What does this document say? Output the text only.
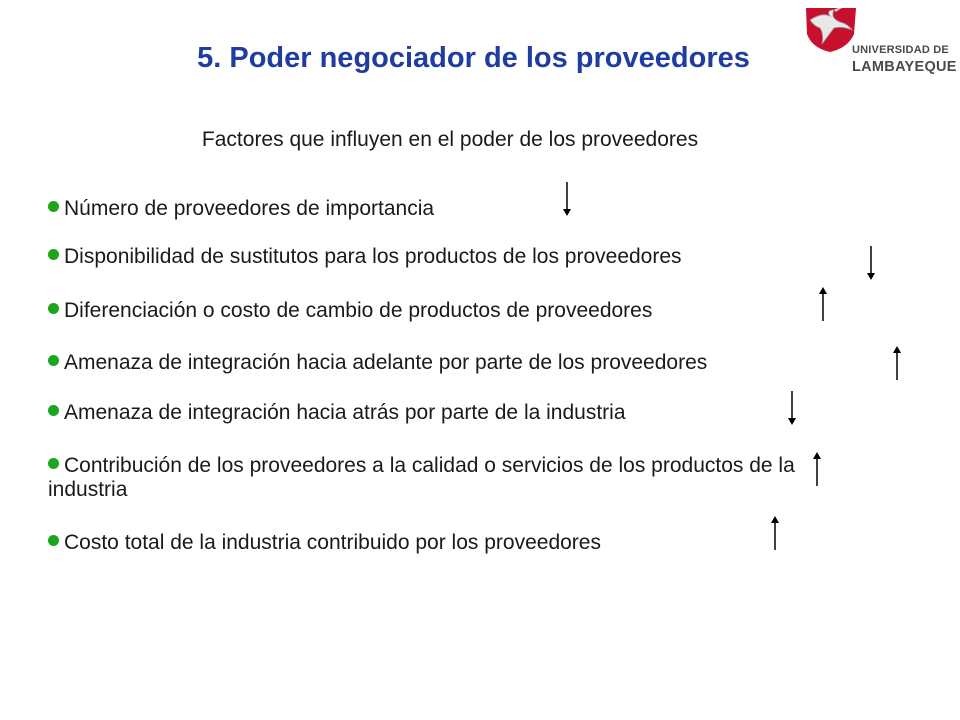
5. Poder negociador de los proveedores	UNIVERSIDAD DE
LAMBAYEQUE

Factores que influyen en el poder de los proveedores

Número de proveedores de importancia

Disponibilidad de sustitutos para los productos de los proveedores

Diferenciación o costo de cambio de productos de proveedores

Amenaza de integración hacia adelante por parte de los proveedores

Amenaza de integración hacia atrás por parte de la industria

Contribución de los proveedores a la calidad o servicios de los productos de la industria

Costo total de la industria contribuido por los proveedores
